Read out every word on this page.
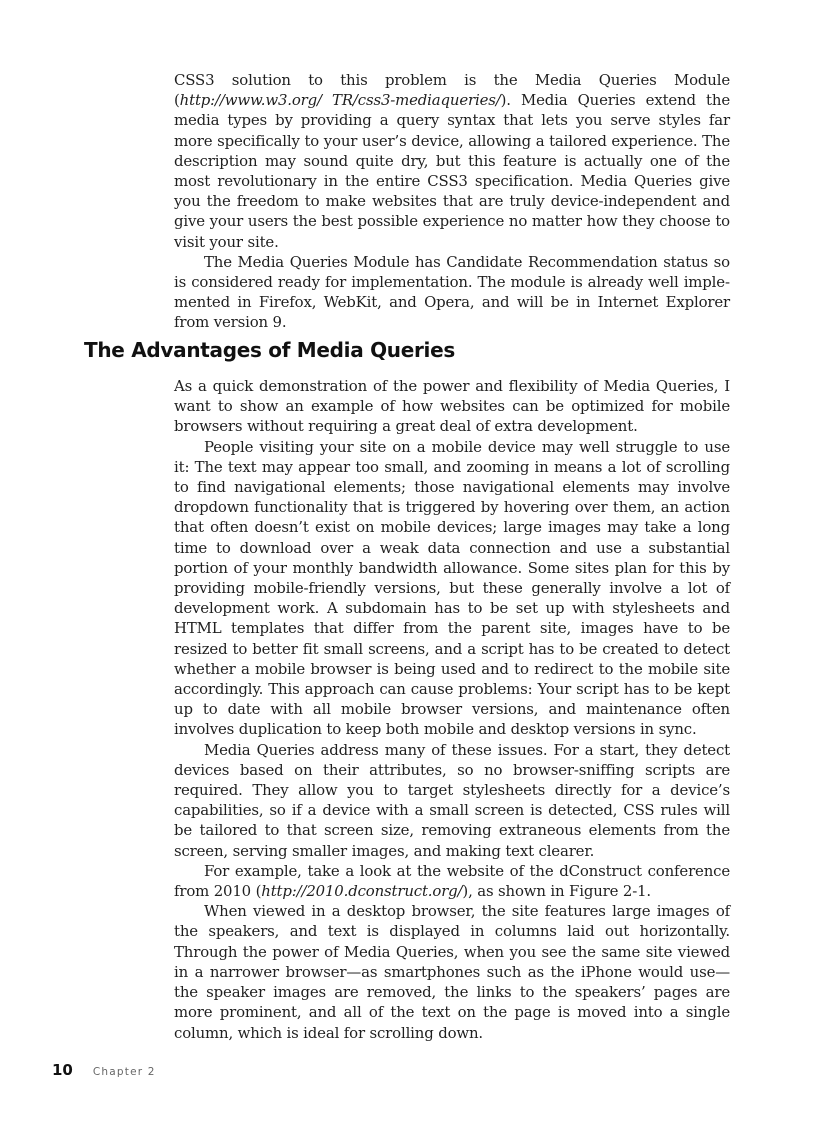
CSS3 solution to this problem is the Media Queries Module (http://www.w3.org/ TR/css3-mediaqueries/). Media Queries extend the media types by providing a query syntax that lets you serve styles far more specifically to your user’s device, allowing a tailored experience. The description may sound quite dry, but this feature is actually one of the most revolutionary in the entire CSS3 specification. Media Queries give you the freedom to make websites that are truly device-independent and give your users the best possible experience no matter how they choose to visit your site.

The Media Queries Module has Candidate Recommendation status so is considered ready for implementation. The module is already well implemented in Firefox, WebKit, and Opera, and will be in Internet Explorer from version 9.

The Advantages of Media Queries

As a quick demonstration of the power and flexibility of Media Queries, I want to show an example of how websites can be optimized for mobile browsers without requiring a great deal of extra development.

People visiting your site on a mobile device may well struggle to use it: The text may appear too small, and zooming in means a lot of scrolling to find navigational elements; those navigational elements may involve dropdown functionality that is triggered by hovering over them, an action that often doesn’t exist on mobile devices; large images may take a long time to download over a weak data connection and use a substantial portion of your monthly bandwidth allowance. Some sites plan for this by providing mobile-friendly versions, but these generally involve a lot of development work. A subdomain has to be set up with stylesheets and HTML templates that differ from the parent site, images have to be resized to better fit small screens, and a script has to be created to detect whether a mobile browser is being used and to redirect to the mobile site accordingly. This approach can cause problems: Your script has to be kept up to date with all mobile browser versions, and maintenance often involves duplication to keep both mobile and desktop versions in sync.

Media Queries address many of these issues. For a start, they detect devices based on their attributes, so no browser-sniffing scripts are required. They allow you to target stylesheets directly for a device’s capabilities, so if a device with a small screen is detected, CSS rules will be tailored to that screen size, removing extraneous elements from the screen, serving smaller images, and making text clearer.

For example, take a look at the website of the dConstruct conference from 2010 (http://2010.dconstruct.org/), as shown in Figure 2-1.

When viewed in a desktop browser, the site features large images of the speakers, and text is displayed in columns laid out horizontally. Through the power of Media Queries, when you see the same site viewed in a narrower browser—as smartphones such as the iPhone would use—the speaker images are removed, the links to the speakers’ pages are more prominent, and all of the text on the page is moved into a single column, which is ideal for scrolling down.

10 Chapter 2
